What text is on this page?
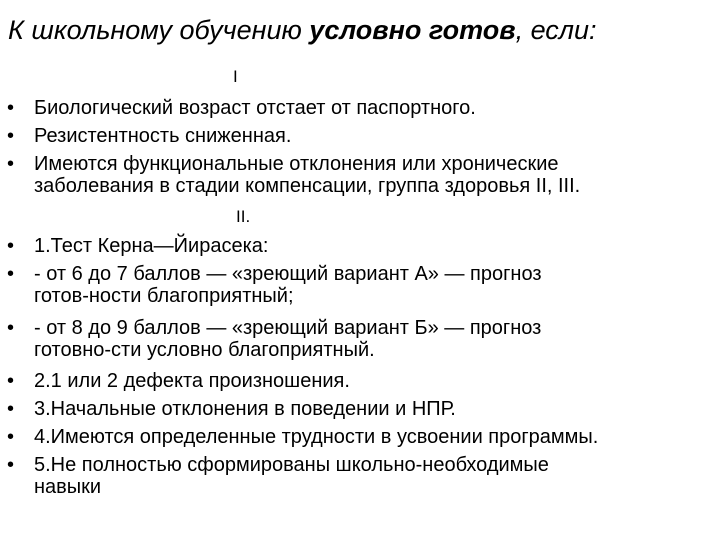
К школьному обучению условно готов, если:
I
II.
• Биологический возраст отстает от паспортного.
• Резистентность сниженная.
• Имеются функциональные отклонения или хронические
заболевания в стадии компенсации, группа здоровья II, III.
• 1.Тест Керна—Йирасека:
• - от 6 до 7 баллов — «зреющий вариант А» — прогноз
готов-ности благоприятный;
• - от 8 до 9 баллов — «зреющий вариант Б» — прогноз
готовно-сти условно благоприятный.
• 2.1 или 2 дефекта произношения.
• 3.Начальные отклонения в поведении и НПР.
• 4.Имеются определенные трудности в усвоении программы.
• 5.Не полностью сформированы школьно-необходимые
навыки
